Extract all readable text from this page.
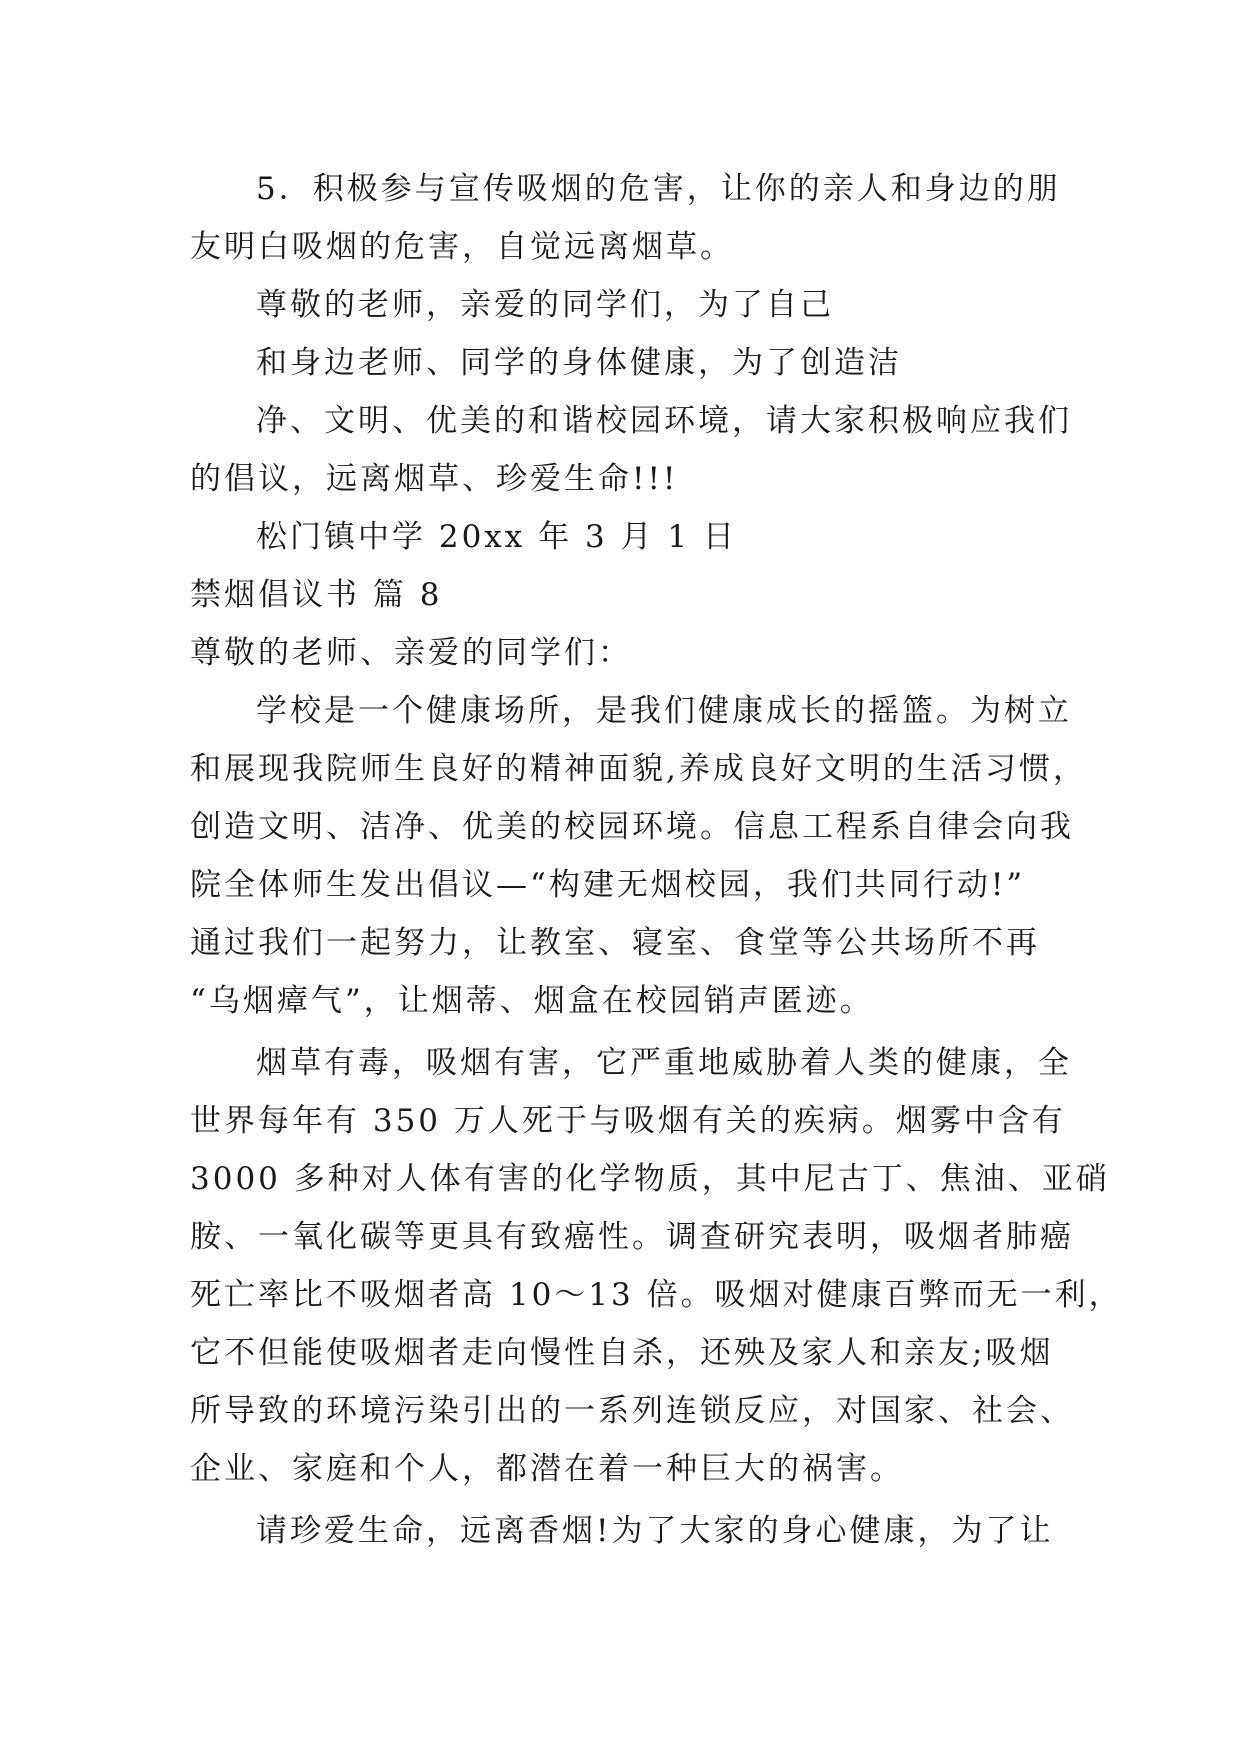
5．积极参与宣传吸烟的危害，让你的亲人和身边的朋
友明白吸烟的危害，自觉远离烟草。
尊敬的老师，亲爱的同学们，为了自己
和身边老师、同学的身体健康，为了创造洁
净、文明、优美的和谐校园环境，请大家积极响应我们
的倡议，远离烟草、珍爱生命!!!
松门镇中学 20xx 年 3 月 1 日
禁烟倡议书 篇 8
尊敬的老师、亲爱的同学们：
学校是一个健康场所，是我们健康成长的摇篮。为树立
和展现我院师生良好的精神面貌,养成良好文明的生活习惯，
创造文明、洁净、优美的校园环境。信息工程系自律会向我
院全体师生发出倡议—“构建无烟校园，我们共同行动!”
通过我们一起努力，让教室、寝室、食堂等公共场所不再
“乌烟瘴气”，让烟蒂、烟盒在校园销声匿迹。
烟草有毒，吸烟有害，它严重地威胁着人类的健康，全
世界每年有 350 万人死于与吸烟有关的疾病。烟雾中含有
3000 多种对人体有害的化学物质，其中尼古丁、焦油、亚硝
胺、一氧化碳等更具有致癌性。调查研究表明，吸烟者肺癌
死亡率比不吸烟者高 10～13 倍。吸烟对健康百弊而无一利，
它不但能使吸烟者走向慢性自杀，还殃及家人和亲友;吸烟
所导致的环境污染引出的一系列连锁反应，对国家、社会、
企业、家庭和个人，都潜在着一种巨大的祸害。
请珍爱生命，远离香烟!为了大家的身心健康，为了让
